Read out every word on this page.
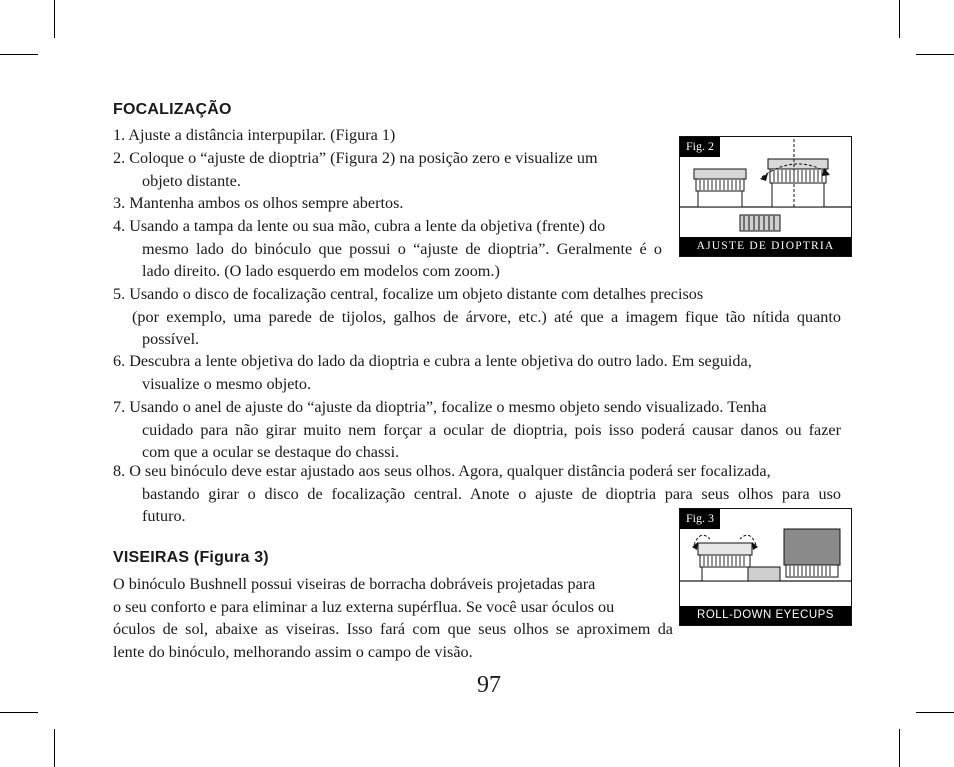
FOCALIZAÇÃO
1. Ajuste a distância interpupilar. (Figura 1)
2. Coloque o “ajuste de dioptria” (Figura 2) na posição zero e visualize um
objeto distante.
3. Mantenha ambos os olhos sempre abertos.
4. Usando a tampa da lente ou sua mão, cubra a lente da objetiva (frente) do
mesmo lado do binóculo que possui o “ajuste de dioptria”. Geralmente é o
lado direito. (O lado esquerdo em modelos com zoom.)
5. Usando o disco de focalização central, focalize um objeto distante com detalhes precisos
(por exemplo, uma parede de tijolos, galhos de árvore, etc.) até que a imagem fique tão nítida quanto
possível.
6. Descubra a lente objetiva do lado da dioptria e cubra a lente objetiva do outro lado. Em seguida,
visualize o mesmo objeto.
7. Usando o anel de ajuste do “ajuste da dioptria”, focalize o mesmo objeto sendo visualizado. Tenha
cuidado para não girar muito nem forçar a ocular de dioptria, pois isso poderá causar danos ou fazer
com que a ocular se destaque do chassi.
8. O seu binóculo deve estar ajustado aos seus olhos. Agora, qualquer distância poderá ser focalizada,
bastando girar o disco de focalização central. Anote o ajuste de dioptria para seus olhos para uso
futuro.
VISEIRAS (Figura 3)
O binóculo Bushnell possui viseiras de borracha dobráveis projetadas para
o seu conforto e para eliminar a luz externa supérflua. Se você usar óculos ou
óculos de sol, abaixe as viseiras. Isso fará com que seus olhos se aproximem da
lente do binóculo, melhorando assim o campo de visão.
Fig. 2
AJUSTE DE DIOPTRIA
Fig. 3
ROLL-DOWN EYECUPS
97
